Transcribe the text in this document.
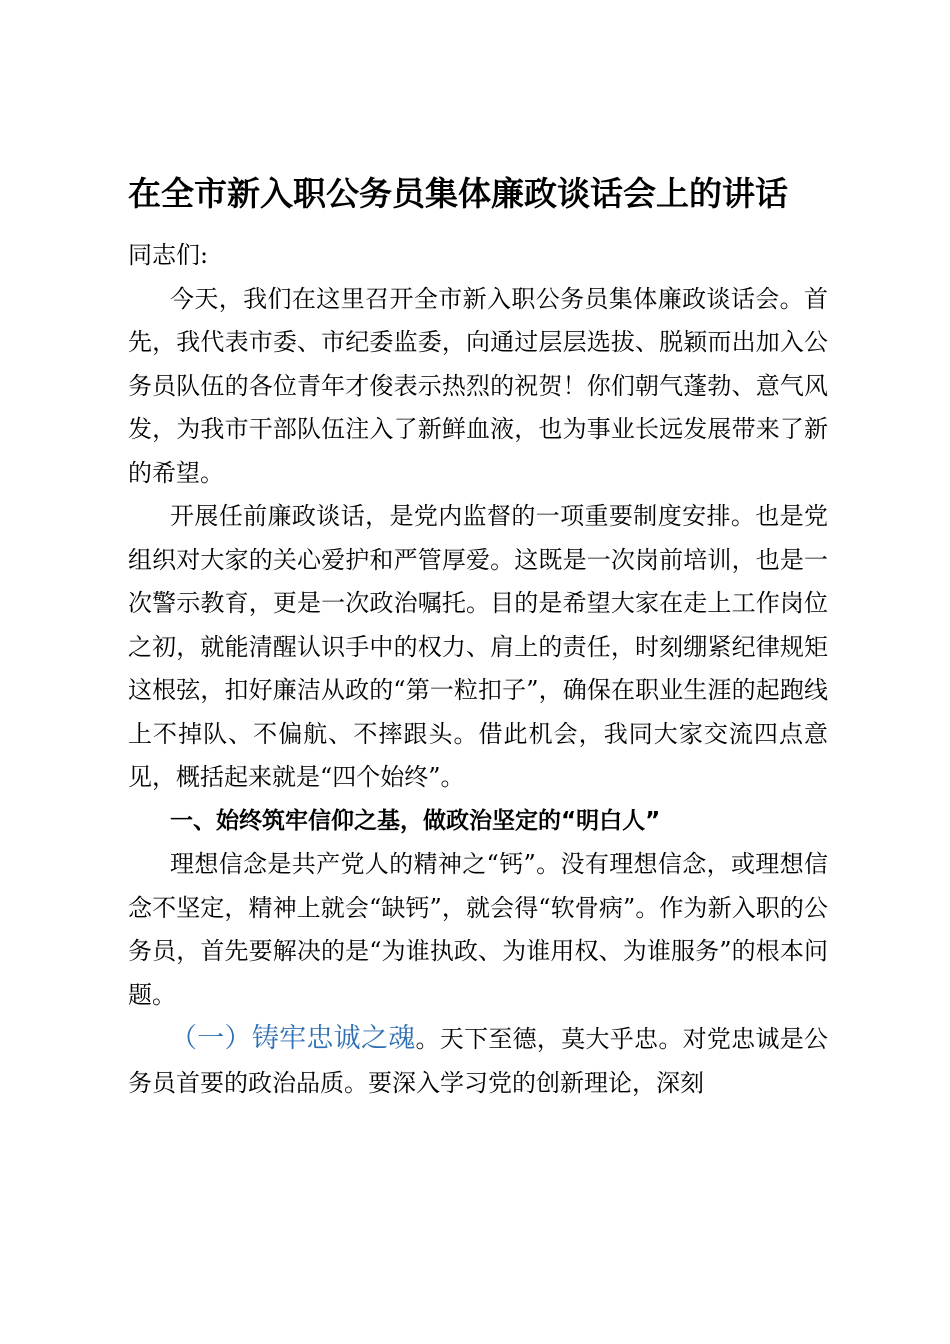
在全市新入职公务员集体廉政谈话会上的讲话

同志们:

今天，我们在这里召开全市新入职公务员集体廉政谈话会。首先，我代表市委、市纪委监委，向通过层层选拔、脱颖而出加入公务员队伍的各位青年才俊表示热烈的祝贺！你们朝气蓬勃、意气风发，为我市干部队伍注入了新鲜血液，也为事业长远发展带来了新的希望。

开展任前廉政谈话，是党内监督的一项重要制度安排。也是党组织对大家的关心爱护和严管厚爱。这既是一次岗前培训，也是一次警示教育，更是一次政治嘱托。目的是希望大家在走上工作岗位之初，就能清醒认识手中的权力、肩上的责任，时刻绷紧纪律规矩这根弦，扣好廉洁从政的“第一粒扣子”，确保在职业生涯的起跑线上不掉队、不偏航、不摔跟头。借此机会，我同大家交流四点意见，概括起来就是“四个始终”。

一、始终筑牢信仰之基，做政治坚定的“明白人”

理想信念是共产党人的精神之“钙”。没有理想信念，或理想信念不坚定，精神上就会“缺钙”，就会得“软骨病”。作为新入职的公务员，首先要解决的是“为谁执政、为谁用权、为谁服务”的根本问题。

（一）铸牢忠诚之魂。天下至德，莫大乎忠。对党忠诚是公务员首要的政治品质。要深入学习党的创新理论，深刻
